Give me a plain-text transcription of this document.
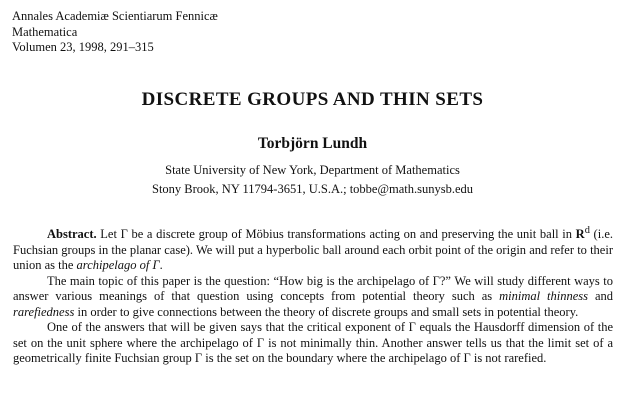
Annales Academiæ Scientiarum Fennicæ
Mathematica
Volumen 23, 1998, 291–315
DISCRETE GROUPS AND THIN SETS
Torbjörn Lundh
State University of New York, Department of Mathematics
Stony Brook, NY 11794-3651, U.S.A.; tobbe@math.sunysb.edu

Abstract. Let Γ be a discrete group of Möbius transformations acting on and preserving the unit ball in $R^d$ (i.e. Fuchsian groups in the planar case). We will put a hyperbolic ball around each orbit point of the origin and refer to their union as the archipelago of Γ.

The main topic of this paper is the question: “How big is the archipelago of Γ?” We will study different ways to answer various meanings of that question using concepts from potential theory such as minimal thinness and rarefiedness in order to give connections between the theory of discrete groups and small sets in potential theory.

One of the answers that will be given says that the critical exponent of Γ equals the Hausdorff dimension of the set on the unit sphere where the archipelago of Γ is not minimally thin. Another answer tells us that the limit set of a geometrically finite Fuchsian group Γ is the set on the boundary where the archipelago of Γ is not rarefied.
